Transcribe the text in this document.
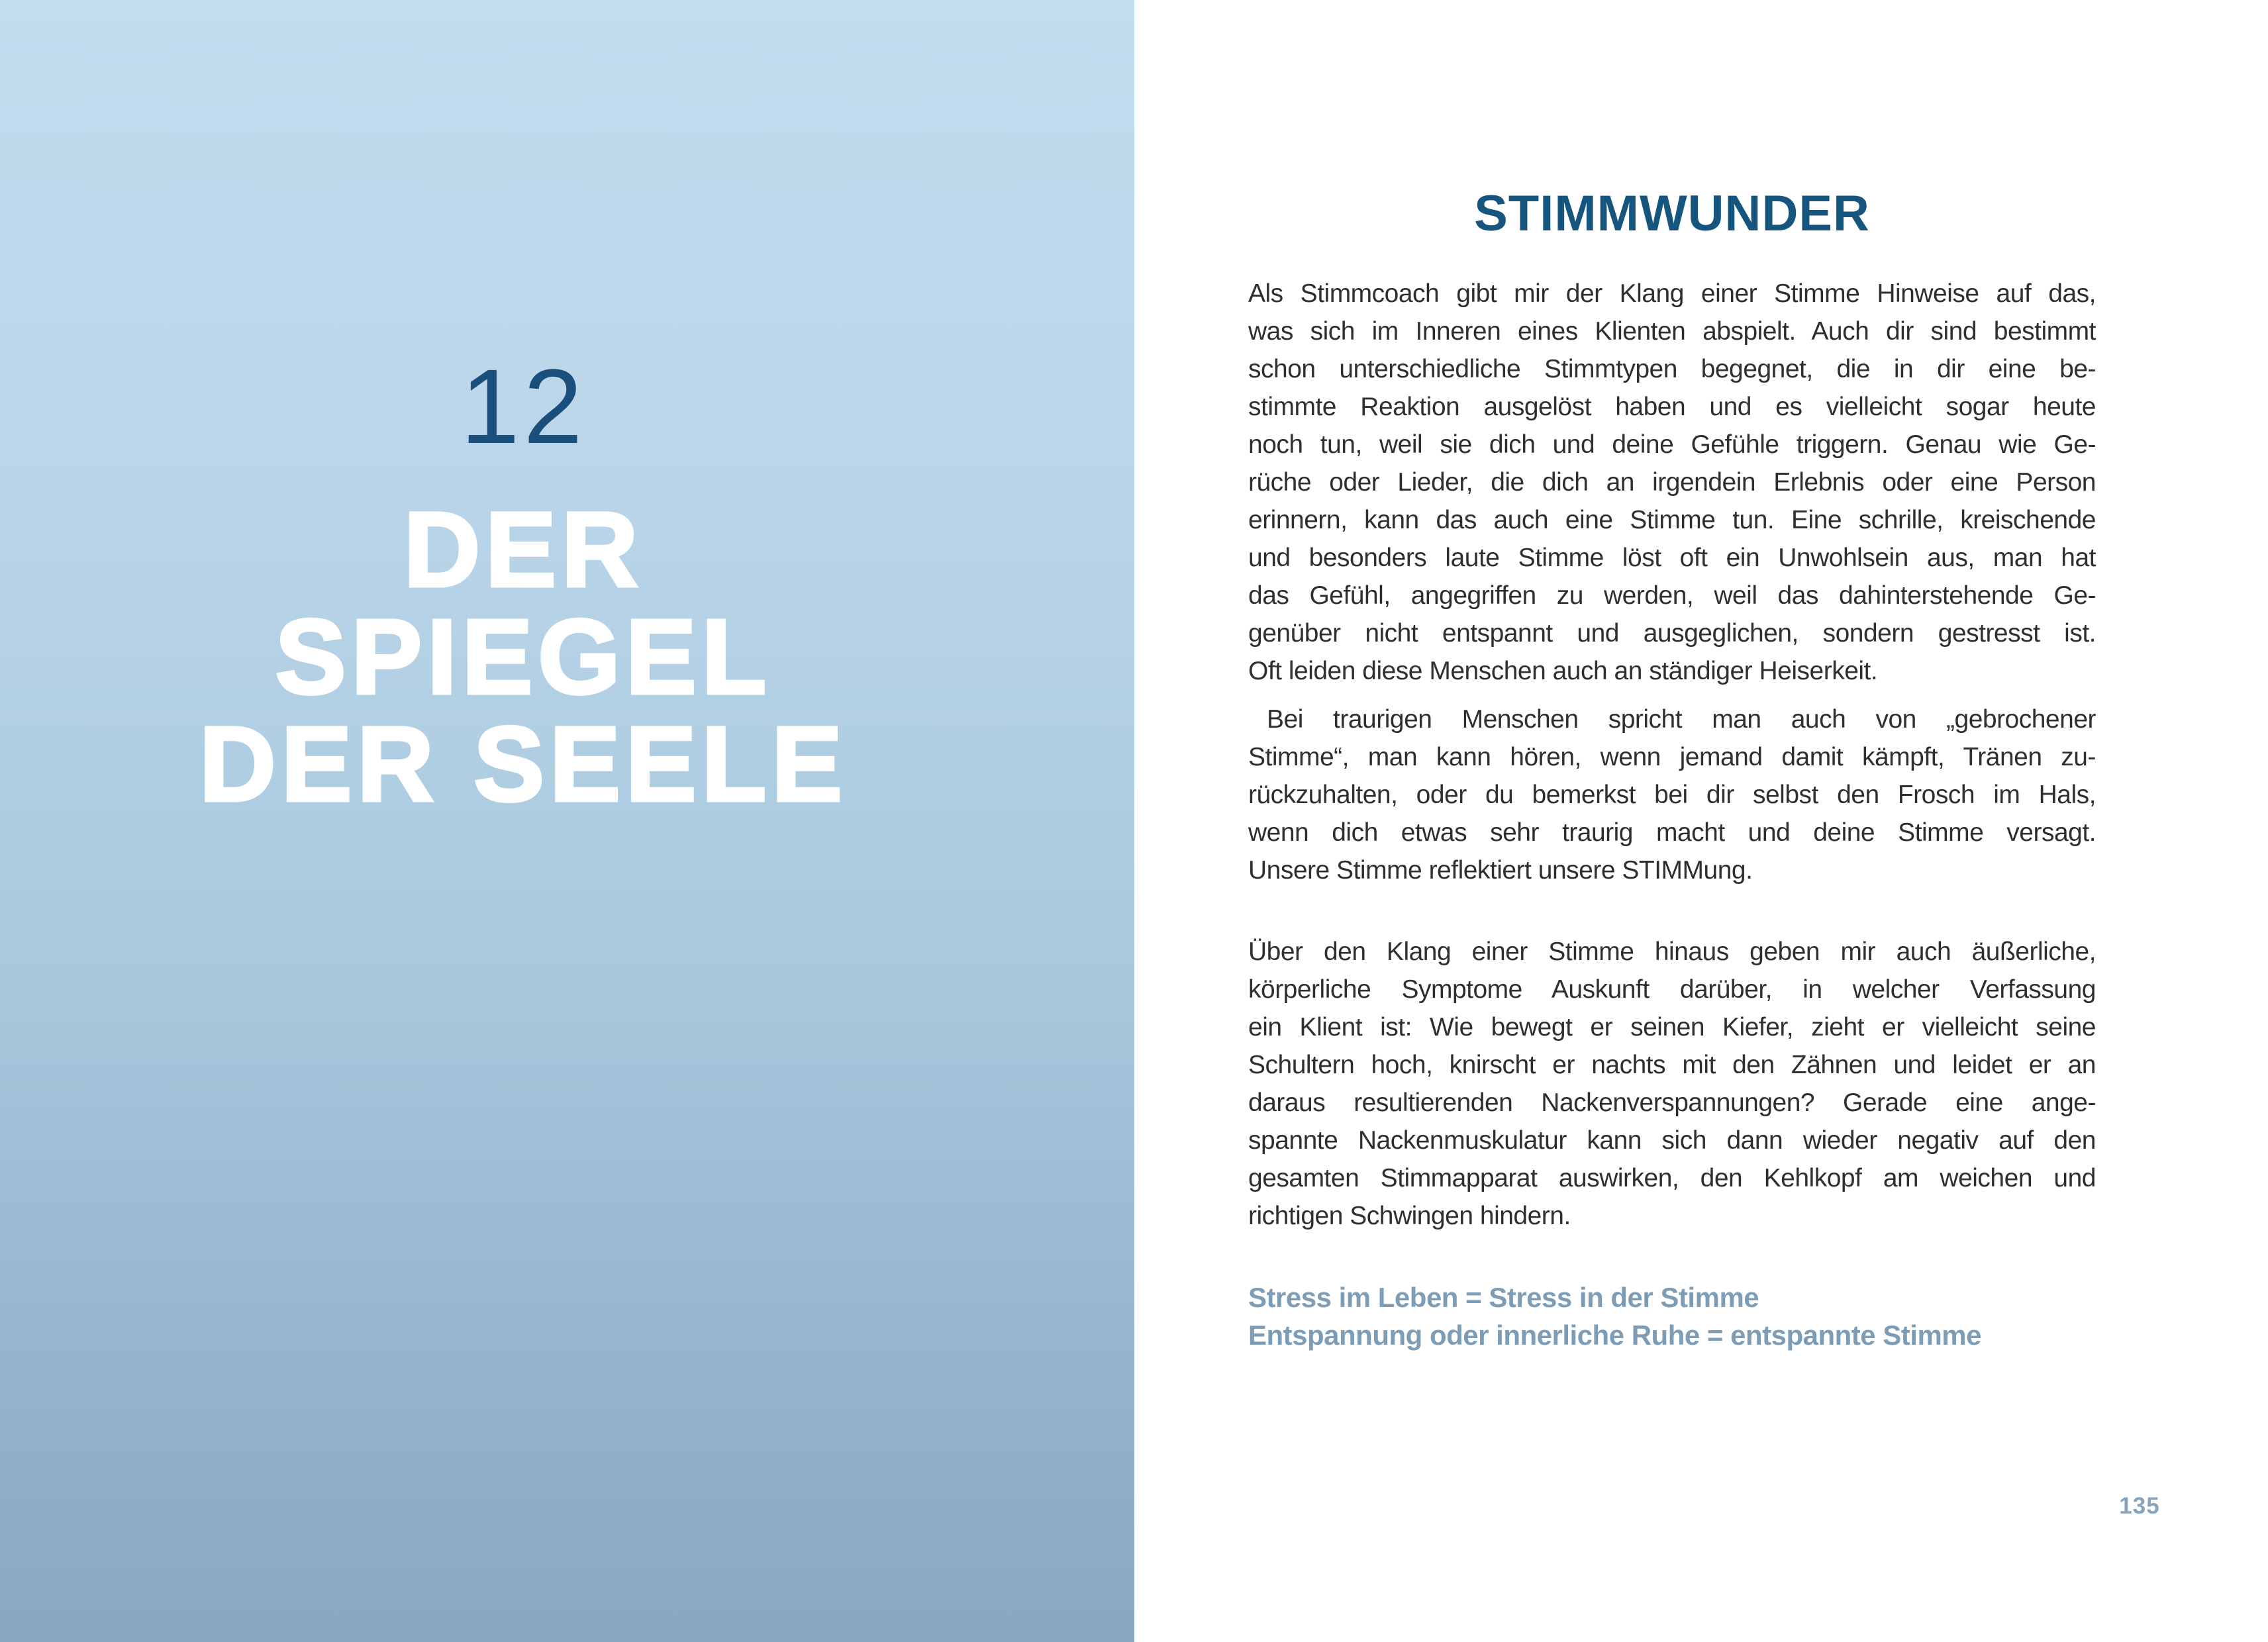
12
DER
SPIEGEL
DER SEELE
STIMMWUNDER
Als Stimmcoach gibt mir der Klang einer Stimme Hinweise auf das,
was sich im Inneren eines Klienten abspielt. Auch dir sind bestimmt
schon unterschiedliche Stimmtypen begegnet, die in dir eine be-
stimmte Reaktion ausgelöst haben und es vielleicht sogar heute
noch tun, weil sie dich und deine Gefühle triggern. Genau wie Ge-
rüche oder Lieder, die dich an irgendein Erlebnis oder eine Person
erinnern, kann das auch eine Stimme tun. Eine schrille, kreischende
und besonders laute Stimme löst oft ein Unwohlsein aus, man hat
das Gefühl, angegriffen zu werden, weil das dahinterstehende Ge-
genüber nicht entspannt und ausgeglichen, sondern gestresst ist.
Oft leiden diese Menschen auch an ständiger Heiserkeit.
Bei traurigen Menschen spricht man auch von „gebrochener
Stimme“, man kann hören, wenn jemand damit kämpft, Tränen zu-
rückzuhalten, oder du bemerkst bei dir selbst den Frosch im Hals,
wenn dich etwas sehr traurig macht und deine Stimme versagt.
Unsere Stimme reflektiert unsere STIMMung.
Über den Klang einer Stimme hinaus geben mir auch äußerliche,
körperliche Symptome Auskunft darüber, in welcher Verfassung
ein Klient ist: Wie bewegt er seinen Kiefer, zieht er vielleicht seine
Schultern hoch, knirscht er nachts mit den Zähnen und leidet er an
daraus resultierenden Nackenverspannungen? Gerade eine ange-
spannte Nackenmuskulatur kann sich dann wieder negativ auf den
gesamten Stimmapparat auswirken, den Kehlkopf am weichen und
richtigen Schwingen hindern.
Stress im Leben = Stress in der Stimme
Entspannung oder innerliche Ruhe = entspannte Stimme
135
